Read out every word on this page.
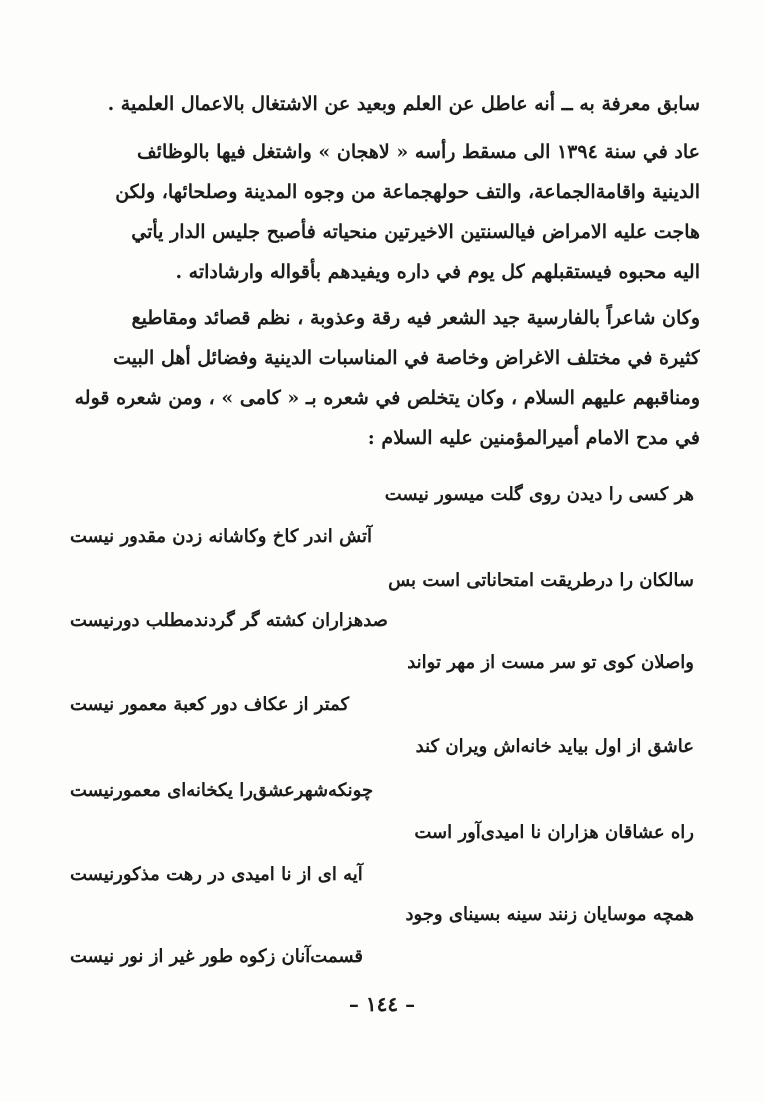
سابق معرفة به ــ أنه عاطل عن العلم وبعيد عن الاشتغال بالاعمال العلمية .
عاد في سنة ١٣٩٤ الى مسقط رأسه « لاهجان » واشتغل فيها بالوظائف
الدينية واقامةالجماعة، والتف حولهجماعة من وجوه المدينة وصلحائها، ولكن
هاجت عليه الامراض فيالسنتين الاخيرتين منحياته فأصبح جليس الدار يأتي
اليه محبوه فيستقبلهم كل يوم في داره ويفيدهم بأقواله وارشاداته .
وكان شاعراً بالفارسية جيد الشعر فيه رقة وعذوبة ، نظم قصائد ومقاطيع
كثيرة في مختلف الاغراض وخاصة في المناسبات الدينية وفضائل أهل البيت
ومناقبهم عليهم السلام ، وكان يتخلص في شعره بـ « كامى » ، ومن شعره قوله
في مدح الامام أميرالمؤمنين عليه السلام :
هر كسى را ديدن روى گلت ميسور نيست
آتش اندر كاخ وكاشانه زدن مقدور نيست
سالكان را درطريقت امتحاناتى است بس
صدهزاران كشته گر گردندمطلب دورنيست
واصلان كوى تو سر مست از مهر تواند
كمتر از عكاف دور كعبة معمور نيست
عاشق از اول بيايد خانه‌اش ويران كند
چونكه‌شهرعشق‌را يكخانه‌اى معمورنيست
راه عشاقان هزاران نا اميدى‌آور است
آيه اى از نا اميدى در رهت مذكورنيست
همچه موسايان زنند سينه بسيناى وجود
قسمت‌آنان زكوه طور غير از نور نيست
– ١٤٤ –
